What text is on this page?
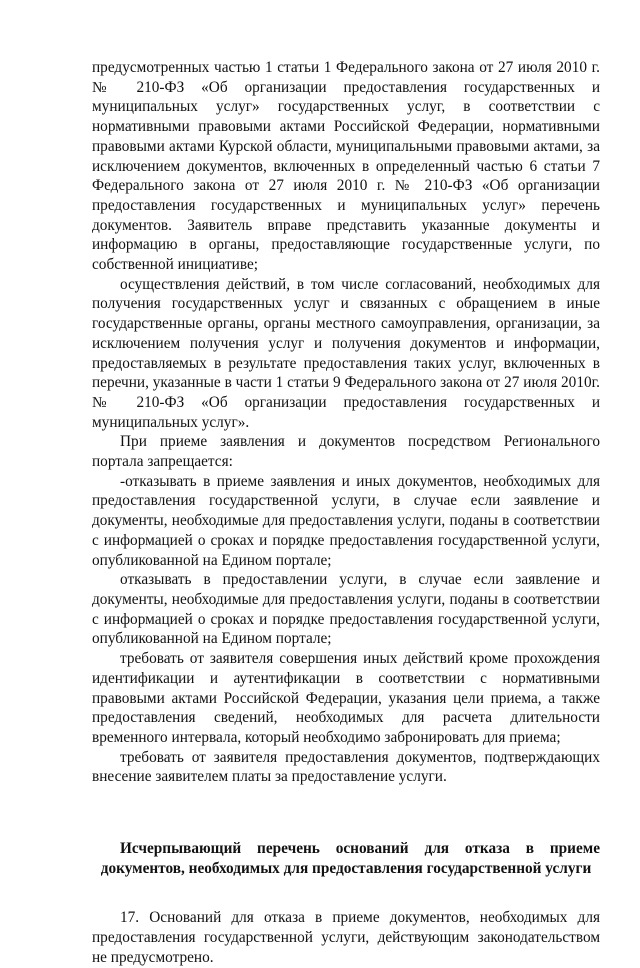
предусмотренных частью 1 статьи 1 Федерального закона от 27 июля 2010 г. № 210-ФЗ «Об организации предоставления государственных и муниципальных услуг» государственных услуг, в соответствии с нормативными правовыми актами Российской Федерации, нормативными правовыми актами Курской области, муниципальными правовыми актами, за исключением документов, включенных в определенный частью 6 статьи 7 Федерального закона от 27 июля 2010 г. № 210-ФЗ «Об организации предоставления государственных и муниципальных услуг» перечень документов. Заявитель вправе представить указанные документы и информацию в органы, предоставляющие государственные услуги, по собственной инициативе;

осуществления действий, в том числе согласований, необходимых для получения государственных услуг и связанных с обращением в иные государственные органы, органы местного самоуправления, организации, за исключением получения услуг и получения документов и информации, предоставляемых в результате предоставления таких услуг, включенных в перечни, указанные в части 1 статьи 9 Федерального закона от 27 июля 2010г. № 210-ФЗ «Об организации предоставления государственных и муниципальных услуг».

При приеме заявления и документов посредством Регионального портала запрещается:

-отказывать в приеме заявления и иных документов, необходимых для предоставления государственной услуги, в случае если заявление и документы, необходимые для предоставления услуги, поданы в соответствии с информацией о сроках и порядке предоставления государственной услуги, опубликованной на Едином портале;

отказывать в предоставлении услуги, в случае если заявление и документы, необходимые для предоставления услуги, поданы в соответствии с информацией о сроках и порядке предоставления государственной услуги, опубликованной на Едином портале;

требовать от заявителя совершения иных действий кроме прохождения идентификации и аутентификации в соответствии с нормативными правовыми актами Российской Федерации, указания цели приема, а также предоставления сведений, необходимых для расчета длительности временного интервала, который необходимо забронировать для приема;

требовать от заявителя предоставления документов, подтверждающих внесение заявителем платы за предоставление услуги.

Исчерпывающий перечень оснований для отказа в приеме документов, необходимых для предоставления государственной услуги

17. Оснований для отказа в приеме документов, необходимых для предоставления государственной услуги, действующим законодательством не предусмотрено.
